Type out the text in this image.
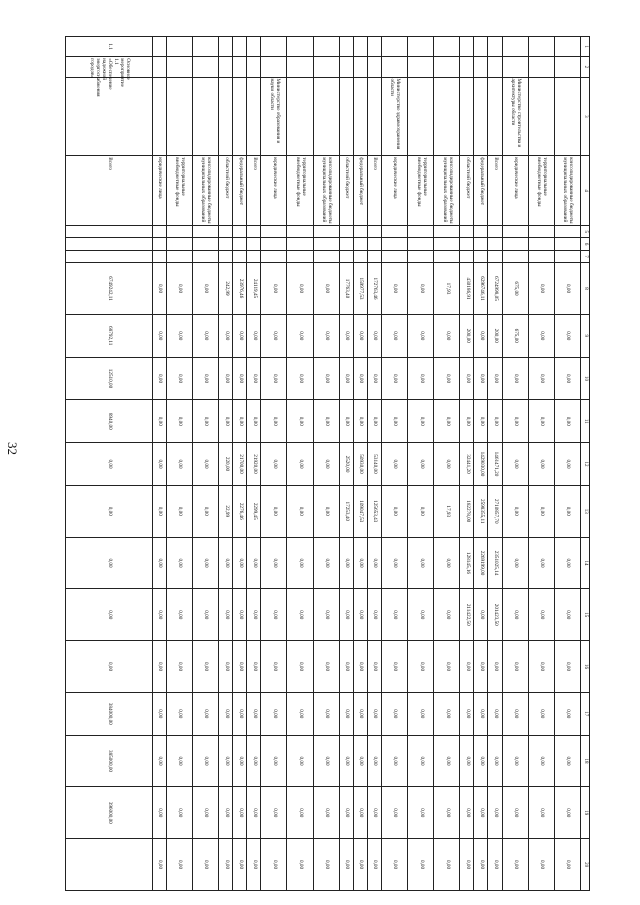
32
1	2	3	4	5	6	7	8	9	10	11	12	13	14	15	16	17	18	19	20
			консолидированные бюджеты муниципальных образований				0,00	0,00	0,00	0,00	0,00	0,00	0,00	0,00	0,00	0,00	0,00	0,00	0,00
			территориальные внебюджетные фонды				0,00	0,00	0,00	0,00	0,00	0,00	0,00	0,00	0,00	0,00	0,00	0,00	0,00
		Министерство строительства и архитектуры области	юридические лица				675,00	675,00	0,00	0,00	0,00	0,00	0,00	0,00	0,00	0,00	0,00	0,00	0,00
			Всего				6724998,05	200,00	0,00	0,00	1461471,20	2710857,70	2351025,14	201423,50	0,00	0,00	0,00	0,00	0,00
			федеральный бюджет				6296746,11	0,00	0,00	0,00	1429030,00	2598355,11	2269199,00	0,00	0,00	0,00	0,00	0,00	0,00
			областной бюджет				430186,91	200,00	0,00	0,00	32441,20	182278,00	128145,16	211422,50	0,00	0,00	0,00	0,00	0,00
			консолидированные бюджеты муниципальных образований				17,93	0,00	0,00	0,00	0,00	17,93	0,00	0,00	0,00	0,00	0,00	0,00	0,00
			территориальные внебюджетные фонды				0,00	0,00	0,00	0,00	0,00	0,00	0,00	0,00	0,00	0,00	0,00	0,00	0,00
		Министерство здравоохранения области	юридические лица				0,00	0,00	0,00	0,00	0,00	0,00	0,00	0,00	0,00	0,00	0,00	0,00	0,00
			Всего				172763,46	0,00	0,00	0,00	53140,00	125653,43	0,00	0,00	0,00	0,00	0,00	0,00	0,00
			федеральный бюджет				159977,53	0,00	0,00	0,00	50930,00	109047,53	0,00	0,00	0,00	0,00	0,00	0,00	0,00
			областной бюджет				17763,40	0,00	0,00	0,00	2520,00	17253,40	0,00	0,00	0,00	0,00	0,00	0,00	0,00
			консолидированные бюджеты муниципальных образований				0,00	0,00	0,00	0,00	0,00	0,00	0,00	0,00	0,00	0,00	0,00	0,00	0,00
			территориальные внебюджетные фонды				0,00	0,00	0,00	0,00	0,00	0,00	0,00	0,00	0,00	0,00	0,00	0,00	0,00
		Министерство образования и науки области	юридические лица				0,00	0,00	0,00	0,00	0,00	0,00	0,00	0,00	0,00	0,00	0,00	0,00	0,00
			Всего				24119,45	0,00	0,00	0,00	21920,00	2299,45	0,00	0,00	0,00	0,00	0,00	0,00	0,00
			федеральный бюджет				23976,46	0,00	0,00	0,00	21700,00	2276,46	0,00	0,00	0,00	0,00	0,00	0,00	0,00
			областной бюджет				242,99	0,00	0,00	0,00	220,00	22,99	0,00	0,00	0,00	0,00	0,00	0,00	0,00
			консолидированные бюджеты муниципальных образований				0,00	0,00	0,00	0,00	0,00	0,00	0,00	0,00	0,00	0,00	0,00	0,00	0,00
			территориальные внебюджетные фонды				0,00	0,00	0,00	0,00	0,00	0,00	0,00	0,00	0,00	0,00	0,00	0,00	0,00
			юридические лица				0,00	0,00	0,00	0,00	0,00	0,00	0,00	0,00	0,00	0,00	0,00	0,00	0,00
1.1	Основное мероприятие 1.1 «Обеспечение надежной энергоснабжения городов»		Всего				6749242,11	68792,11	12510,00	8940,00	0,00	0,00	0,00	0,00	0,00	384000,00	385000,00	396000,00	
